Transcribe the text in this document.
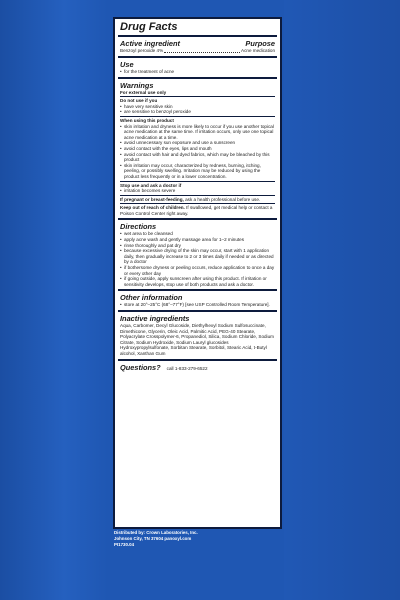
Drug Facts
Active ingredient	Purpose
Benzoyl peroxide 4%	Acne medication
Use
• for the treatment of acne
Warnings
For external use only
Do not use if you
• have very sensitive skin
• are sensitive to benzoyl peroxide
When using this product
• skin irritation and dryness is more likely to occur if you use another topical acne medication at the same time. If irritation occurs, only use one topical acne medication at a time.
• avoid unnecessary sun exposure and use a sunscreen
• avoid contact with the eyes, lips and mouth
• avoid contact with hair and dyed fabrics, which may be bleached by this product
• skin irritation may occur, characterized by redness, burning, itching, peeling, or possibly swelling. Irritation may be reduced by using the product less frequently or in a lower concentration.
Stop use and ask a doctor if
• irritation becomes severe
If pregnant or breast-feeding, ask a health professional before use.
Keep out of reach of children. If swallowed, get medical help or contact a Poison Control Center right away.
Directions
• wet area to be cleansed
• apply acne wash and gently massage area for 1–2 minutes
• rinse thoroughly and pat dry
• because excessive drying of the skin may occur, start with 1 application daily, then gradually increase to 2 or 3 times daily if needed or as directed by a doctor
• if bothersome dryness or peeling occurs, reduce application to once a day or every other day
• if going outside, apply sunscreen after using this product. If irritation or sensitivity develops, stop use of both products and ask a doctor.
Other information
• store at 20°–25°C (68°–77°F) [see USP Controlled Room Temperature].
Inactive ingredients
Aqua, Carbomer, Decyl Glucoside, Diethylhexyl Sodium Sulfosuccinate, Dimethicone, Glycerin, Oleic Acid, Palmitic Acid, PEG-40 Stearate, Polyacrylate Crosspolymer-6, Propanediol, Silica, Sodium Chloride, Sodium Citrate, Sodium Hydroxide, Sodium Lauryl glucosides Hydroxypropylsulfonate, Sorbitan Stearate, Sorbitol, Stearic Acid, t-Butyl alcohol, Xanthan Gum
Questions? call 1-833-279-6522
Distributed by: Crown Laboratories, Inc.
Johnson City, TN 37604 panoxyl.com
PI1730.04
